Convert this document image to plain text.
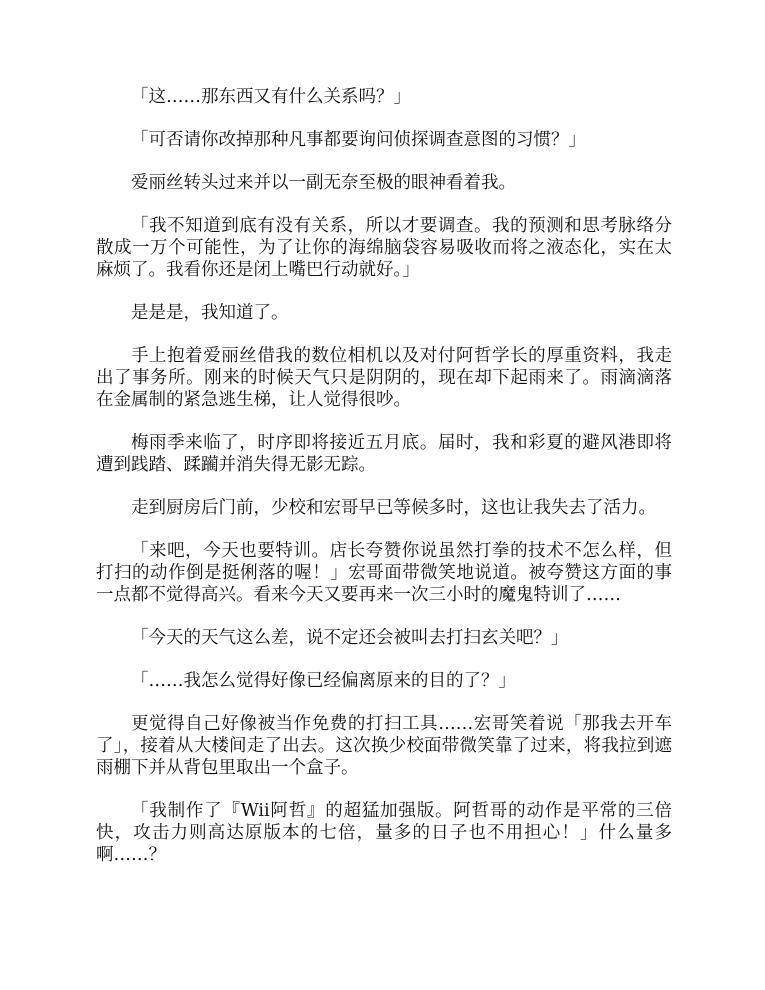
「这……那东西又有什么关系吗？」

「可否请你改掉那种凡事都要询问侦探调查意图的习惯？」

爱丽丝转头过来并以一副无奈至极的眼神看着我。

「我不知道到底有没有关系，所以才要调查。我的预测和思考脉络分散成一万个可能性，为了让你的海绵脑袋容易吸收而将之液态化，实在太麻烦了。我看你还是闭上嘴巴行动就好。」

是是是，我知道了。

手上抱着爱丽丝借我的数位相机以及对付阿哲学长的厚重资料，我走出了事务所。刚来的时候天气只是阴阴的，现在却下起雨来了。雨滴滴落在金属制的紧急逃生梯，让人觉得很吵。

梅雨季来临了，时序即将接近五月底。届时，我和彩夏的避风港即将遭到践踏、蹂躏并消失得无影无踪。

走到厨房后门前，少校和宏哥早已等候多时，这也让我失去了活力。

「来吧，今天也要特训。店长夸赞你说虽然打拳的技术不怎么样，但打扫的动作倒是挺俐落的喔！」宏哥面带微笑地说道。被夸赞这方面的事一点都不觉得高兴。看来今天又要再来一次三小时的魔鬼特训了……

「今天的天气这么差，说不定还会被叫去打扫玄关吧？」

「……我怎么觉得好像已经偏离原来的目的了？」

更觉得自己好像被当作免费的打扫工具……宏哥笑着说「那我去开车了」，接着从大楼间走了出去。这次换少校面带微笑靠了过来，将我拉到遮雨棚下并从背包里取出一个盒子。

「我制作了『Wii阿哲』的超猛加强版。阿哲哥的动作是平常的三倍快，攻击力则高达原版本的七倍，量多的日子也不用担心！」什么量多啊……？
